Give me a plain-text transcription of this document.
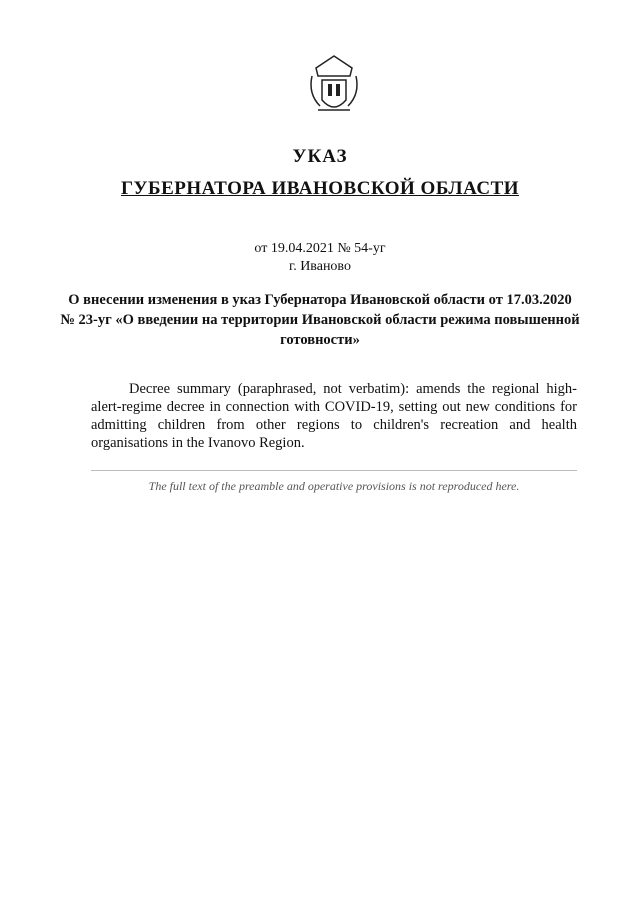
УКАЗ
ГУБЕРНАТОРА ИВАНОВСКОЙ ОБЛАСТИ
от 19.04.2021 № 54-уг
г. Иваново
О внесении изменения в указ Губернатора Ивановской области от 17.03.2020 № 23-уг «О введении на территории Ивановской области режима повышенной готовности»

Decree summary (paraphrased, not verbatim): amends the regional high-alert-regime decree in connection with COVID-19, setting out new conditions for admitting children from other regions to children's recreation and health organisations in the Ivanovo Region.

The full text of the preamble and operative provisions is not reproduced here.
